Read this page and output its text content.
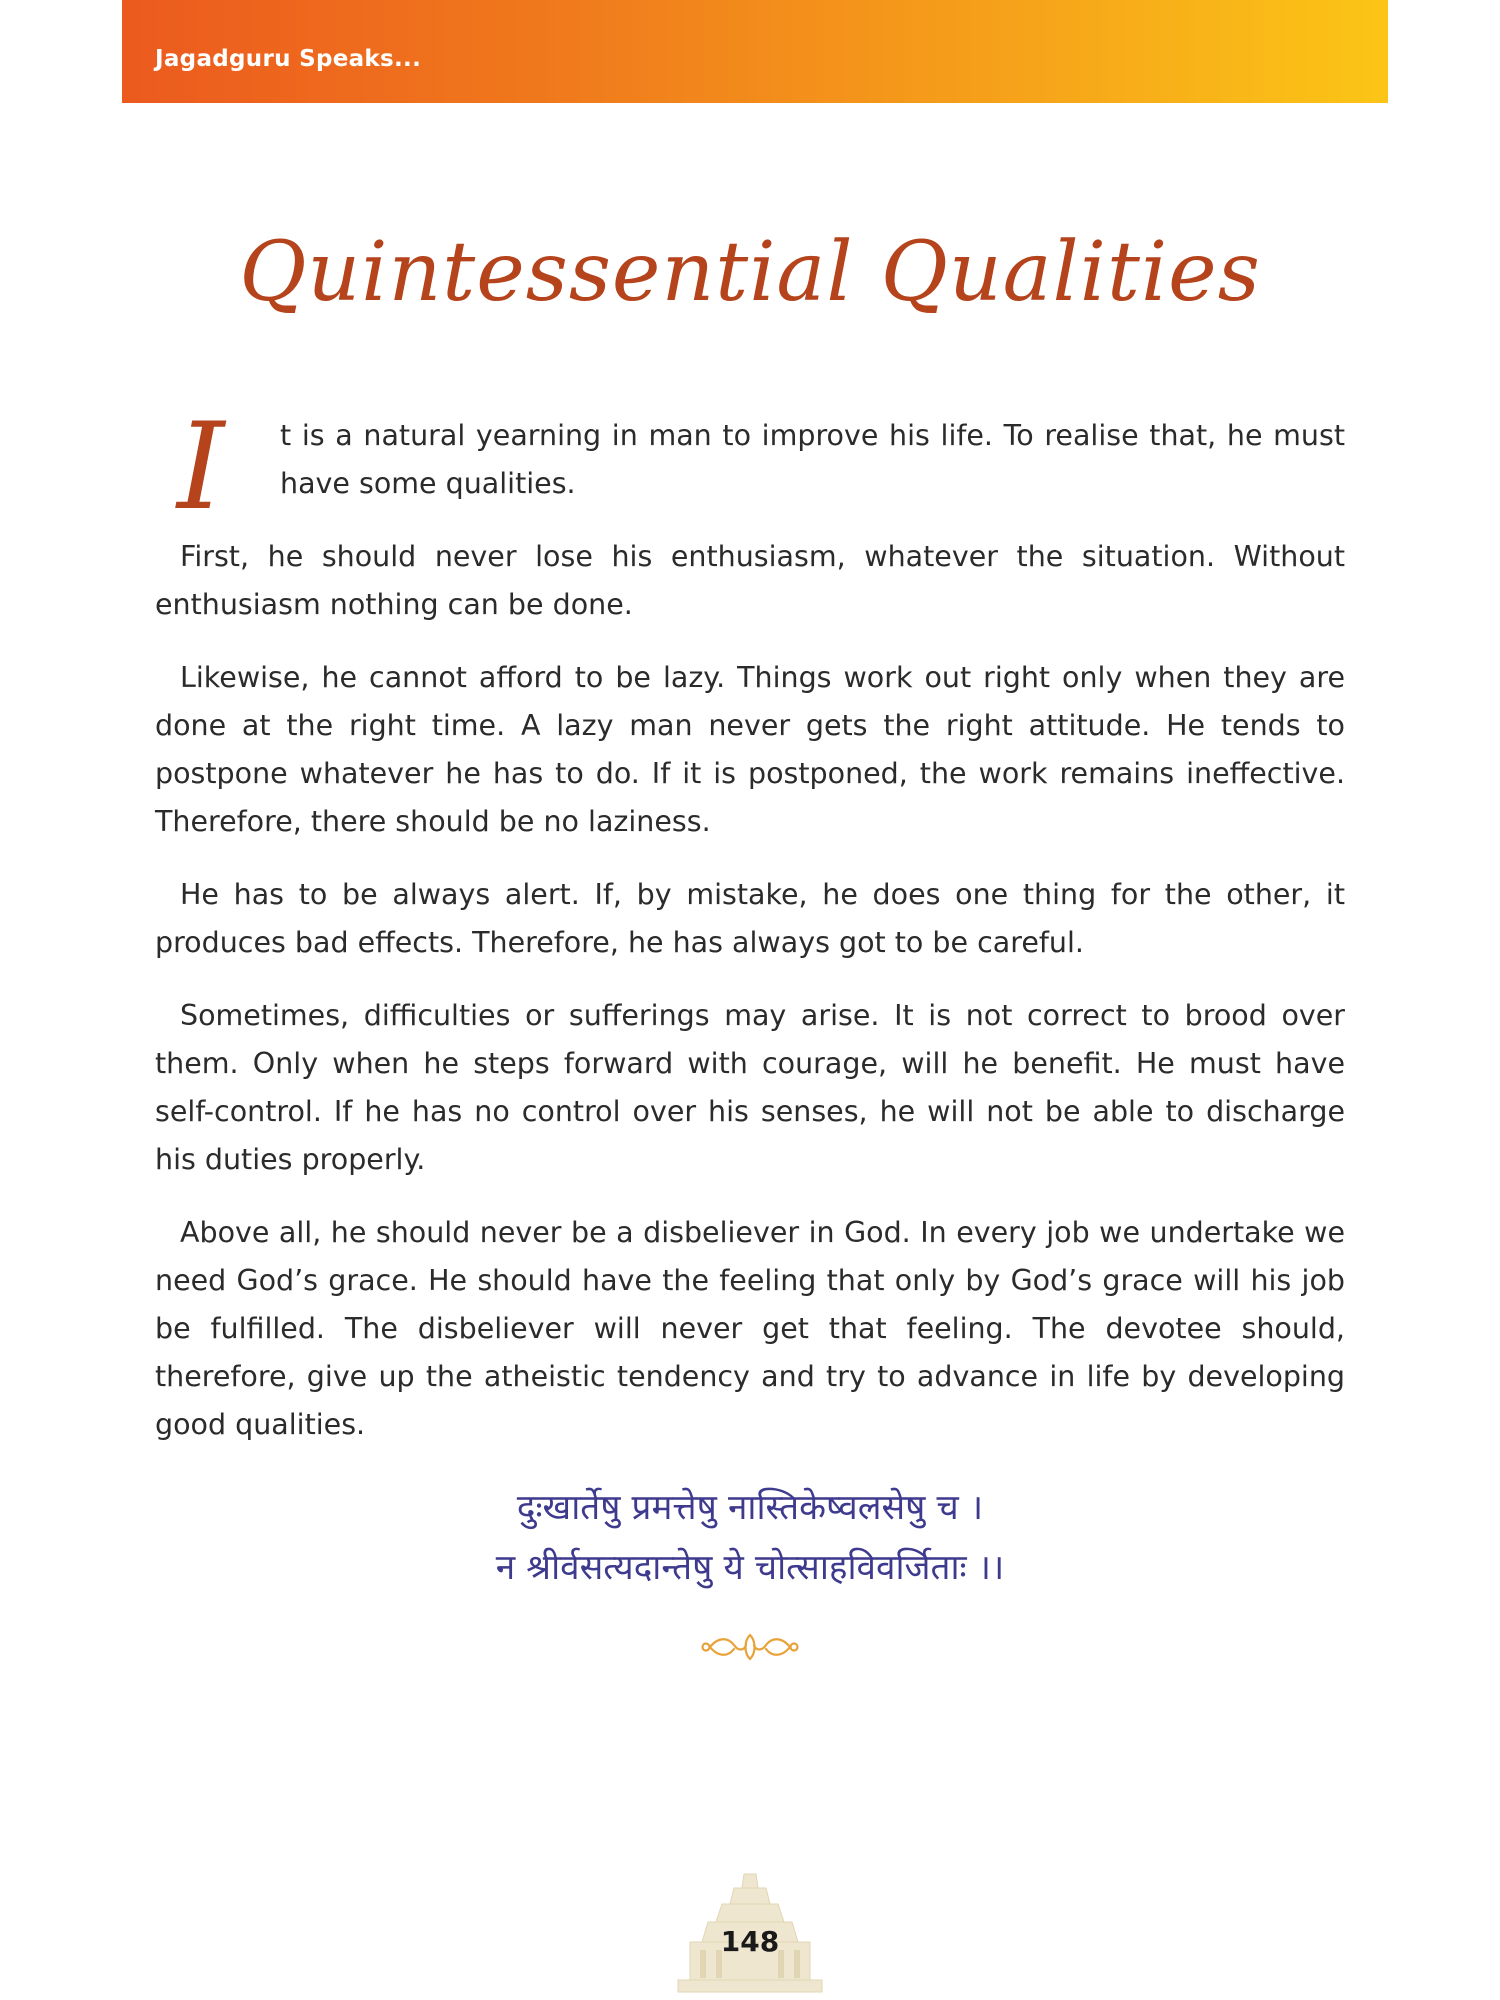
Jagadguru Speaks...
Quintessential Qualities

I	t is a natural yearning in man to improve his life. To realise that, he must have some qualities.

First, he should never lose his enthusiasm, whatever the situation. Without enthusiasm nothing can be done.

Likewise, he cannot afford to be lazy. Things work out right only when they are done at the right time. A lazy man never gets the right attitude. He tends to postpone whatever he has to do. If it is postponed, the work remains ineffective. Therefore, there should be no laziness.

He has to be always alert. If, by mistake, he does one thing for the other, it produces bad effects. Therefore, he has always got to be careful.

Sometimes, difficulties or sufferings may arise. It is not correct to brood over them. Only when he steps forward with courage, will he benefit. He must have self-control. If he has no control over his senses, he will not be able to discharge his duties properly.

Above all, he should never be a disbeliever in God. In every job we undertake we need God’s grace. He should have the feeling that only by God’s grace will his job be fulfilled. The disbeliever will never get that feeling. The devotee should, therefore, give up the atheistic tendency and try to advance in life by developing good qualities.

दुःखार्तेषु प्रमत्तेषु नास्तिकेष्वलसेषु च ।
न श्रीर्वसत्यदान्तेषु ये चोत्साहविवर्जिताः ।।
148
